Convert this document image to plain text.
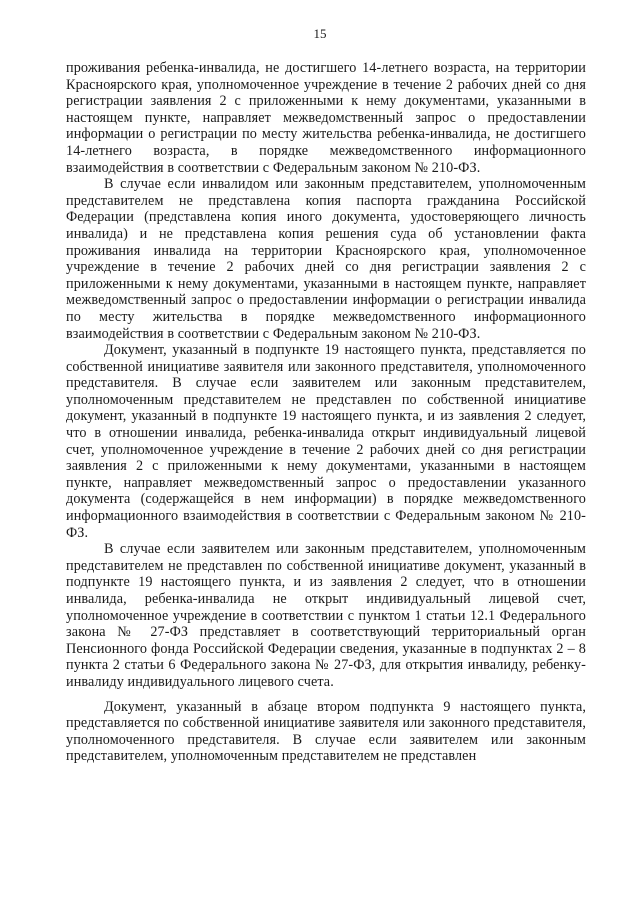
15

проживания ребенка-инвалида, не достигшего 14-летнего возраста, на территории Красноярского края, уполномоченное учреждение в течение 2 рабочих дней со дня регистрации заявления 2 с приложенными к нему документами, указанными в настоящем пункте, направляет межведомственный запрос о предоставлении информации о регистрации по месту жительства ребенка-инвалида, не достигшего 14-летнего возраста, в порядке межведомственного информационного взаимодействия в соответствии с Федеральным законом № 210-ФЗ.

В случае если инвалидом или законным представителем, уполномоченным представителем не представлена копия паспорта гражданина Российской Федерации (представлена копия иного документа, удостоверяющего личность инвалида) и не представлена копия решения суда об установлении факта проживания инвалида на территории Красноярского края, уполномоченное учреждение в течение 2 рабочих дней со дня регистрации заявления 2 с приложенными к нему документами, указанными в настоящем пункте, направляет межведомственный запрос о предоставлении информации о регистрации инвалида по месту жительства в порядке межведомственного информационного взаимодействия в соответствии с Федеральным законом № 210-ФЗ.

Документ, указанный в подпункте 19 настоящего пункта, представляется по собственной инициативе заявителя или законного представителя, уполномоченного представителя. В случае если заявителем или законным представителем, уполномоченным представителем не представлен по собственной инициативе документ, указанный в подпункте 19 настоящего пункта, и из заявления 2 следует, что в отношении инвалида, ребенка-инвалида открыт индивидуальный лицевой счет, уполномоченное учреждение в течение 2 рабочих дней со дня регистрации заявления 2 с приложенными к нему документами, указанными в настоящем пункте, направляет межведомственный запрос о предоставлении указанного документа (содержащейся в нем информации) в порядке межведомственного информационного взаимодействия в соответствии с Федеральным законом № 210-ФЗ.

В случае если заявителем или законным представителем, уполномоченным представителем не представлен по собственной инициативе документ, указанный в подпункте 19 настоящего пункта, и из заявления 2 следует, что в отношении инвалида, ребенка-инвалида не открыт индивидуальный лицевой счет, уполномоченное учреждение в соответствии с пунктом 1 статьи 12.1 Федерального закона № 27-ФЗ представляет в соответствующий территориальный орган Пенсионного фонда Российской Федерации сведения, указанные в подпунктах 2 – 8 пункта 2 статьи 6 Федерального закона № 27-ФЗ, для открытия инвалиду, ребенку-инвалиду индивидуального лицевого счета.

Документ, указанный в абзаце втором подпункта 9 настоящего пункта, представляется по собственной инициативе заявителя или законного представителя, уполномоченного представителя. В случае если заявителем или законным представителем, уполномоченным представителем не представлен
